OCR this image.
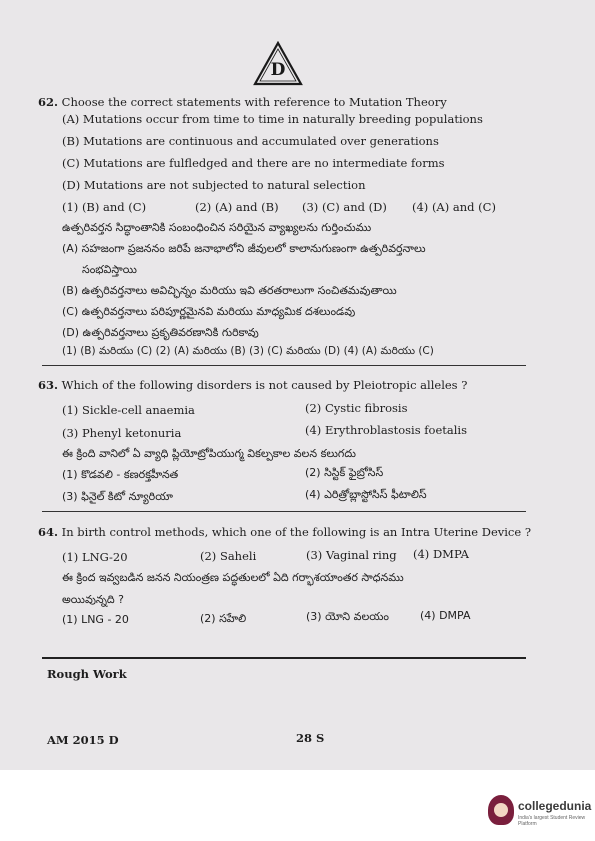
D
62. Choose the correct statements with reference to Mutation Theory
(A) Mutations occur from time to time in naturally breeding populations
(B) Mutations are continuous and accumulated over generations
(C) Mutations are fulfledged and there are no intermediate forms
(D) Mutations are not subjected to natural selection
(1) (B) and (C)	(2) (A) and (B) (3) (C) and (D) (4) (A) and (C)
ఉత్పరివర్తన సిద్ధాంతానికి సంబంధించిన సరియైన వ్యాఖ్యలను గుర్తించుము
(A) సహజంగా ప్రజననం జరిపే జనాభాలోని జీవులలో కాలానుగుణంగా ఉత్పరివర్తనాలు
సంభవిస్తాయి
(B) ఉత్పరివర్తనాలు అవిచ్ఛిన్నం మరియు ఇవి తరతరాలుగా సంచితమవుతాయి
(C) ఉత్పరివర్తనాలు పరిపూర్ణమైనవి మరియు మాధ్యమిక దశలుండవు
(D) ఉత్పరివర్తనాలు ప్రకృతివరణానికి గురికావు
(1) (B) మరియు (C) (2) (A) మరియు (B) (3) (C) మరియు (D) (4) (A) మరియు (C)
63. Which of the following disorders is not caused by Pleiotropic alleles ?
(1) Sickle-cell anaemia	(2) Cystic fibrosis
(3) Phenyl ketonuria	(4) Erythroblastosis foetalis
ఈ క్రింది వానిలో ఏ వ్యాధి ప్లియోట్రోపియుగ్మ వికల్పకాల వలన కలుగదు
(1) కొడవలి - కణరక్తహీనత	(2) సిస్టిక్ ఫైబ్రోసిస్
(3) ఫినైల్ కిటో న్యూరియా	(4) ఎరిత్రోబ్లాస్టోసిస్ ఫీటాలిస్
64. In birth control methods, which one of the following is an Intra Uterine Device ?
(1) LNG-20	(2) Saheli	(3) Vaginal ring (4) DMPA
ఈ క్రింద ఇవ్వబడిన జనన నియంత్రణ పద్ధతులలో ఏది గర్భాశయాంతర సాధనము
అయివున్నది ?
(1) LNG - 20	(2) సహేలి	(3) యోని వలయం	(4) DMPA
Rough Work
AM 2015 D	28 S
collegedunia
India's largest Student Review Platform
